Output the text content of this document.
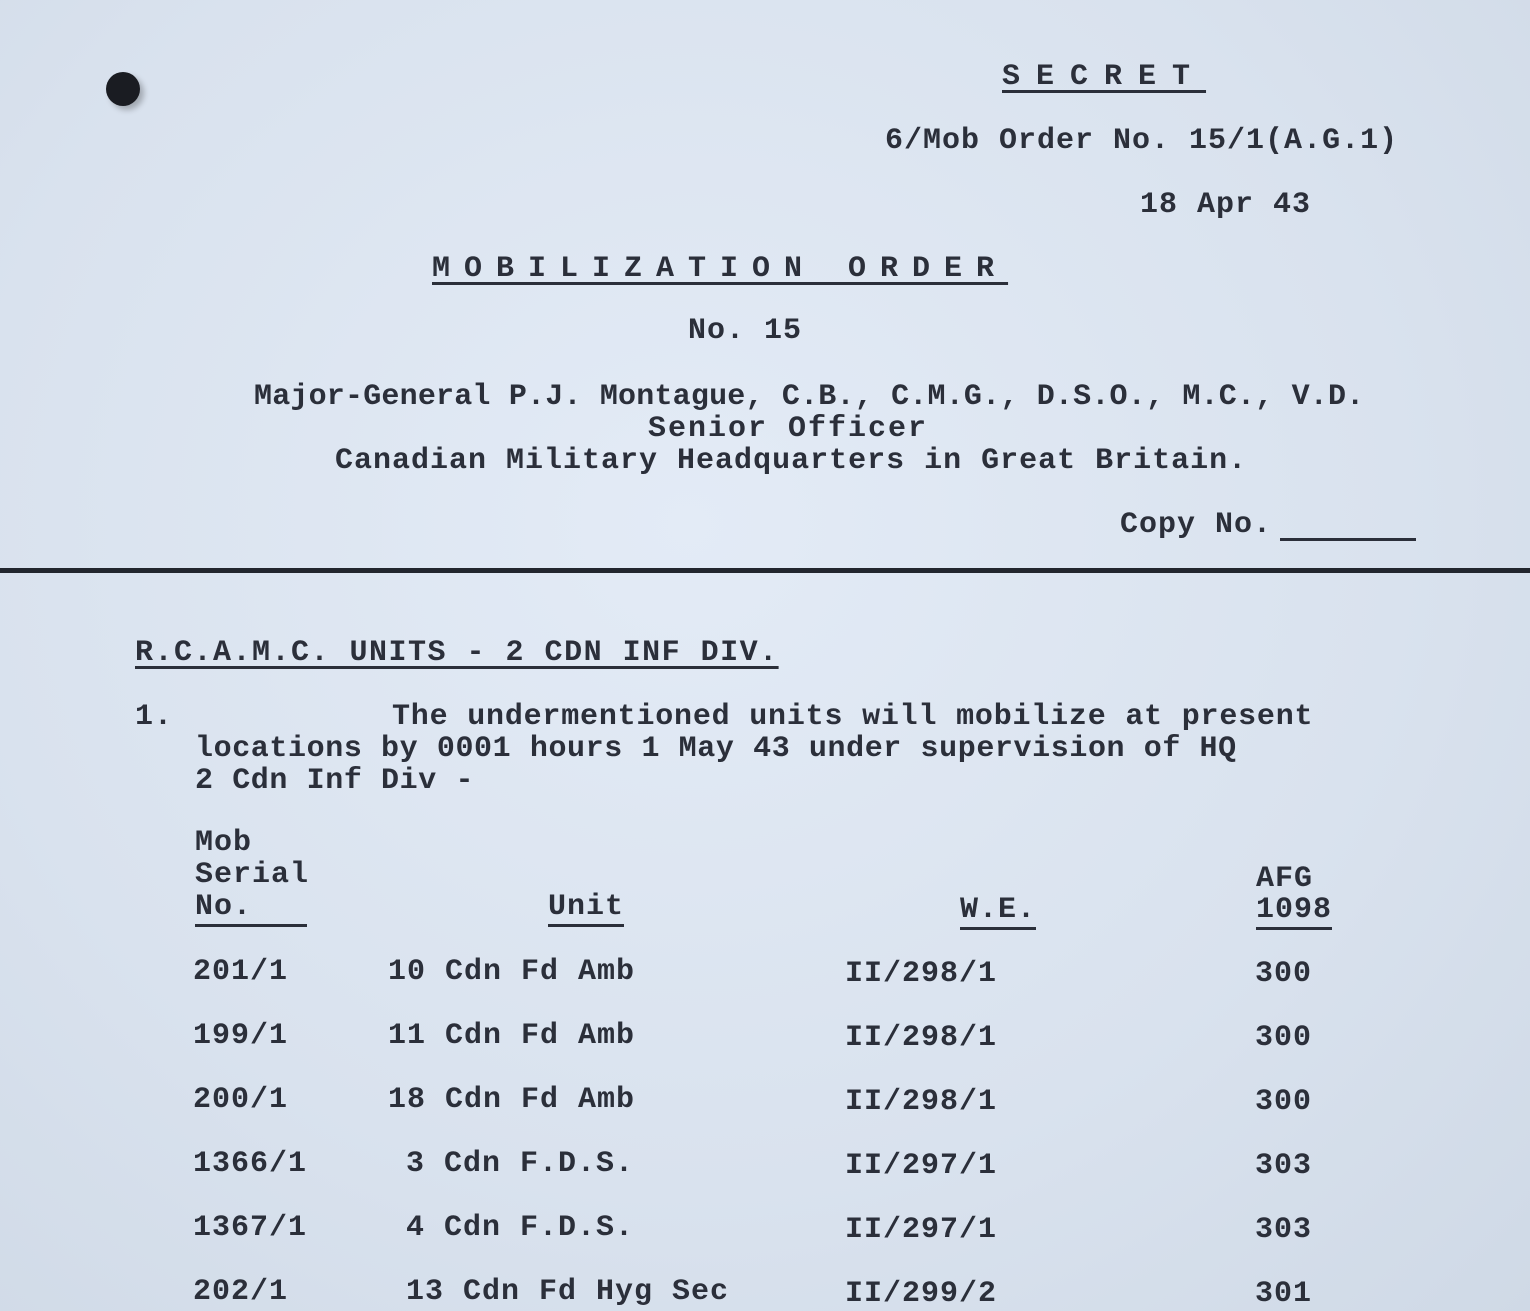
SECRET
6/Mob Order No. 15/1(A.G.1)
18 Apr 43
MOBILIZATION ORDER
No. 15
Major-General P.J. Montague, C.B., C.M.G., D.S.O., M.C., V.D.
Senior Officer
Canadian Military Headquarters in Great Britain.
Copy No.
R.C.A.M.C. UNITS - 2 CDN INF DIV.
1.	The undermentioned units will mobilize at present
locations by 0001 hours 1 May 43 under supervision of HQ
2 Cdn Inf Div -
Mob
Serial
No.	Unit	W.E.
AFG
1098
201/1	10 Cdn Fd Amb	II/298/1	300
199/1	11 Cdn Fd Amb	II/298/1	300
200/1	18 Cdn Fd Amb	II/298/1	300
1366/1	3 Cdn F.D.S.	II/297/1	303
1367/1	4 Cdn F.D.S.	II/297/1	303
202/1	13 Cdn Fd Hyg Sec	II/299/2	301
